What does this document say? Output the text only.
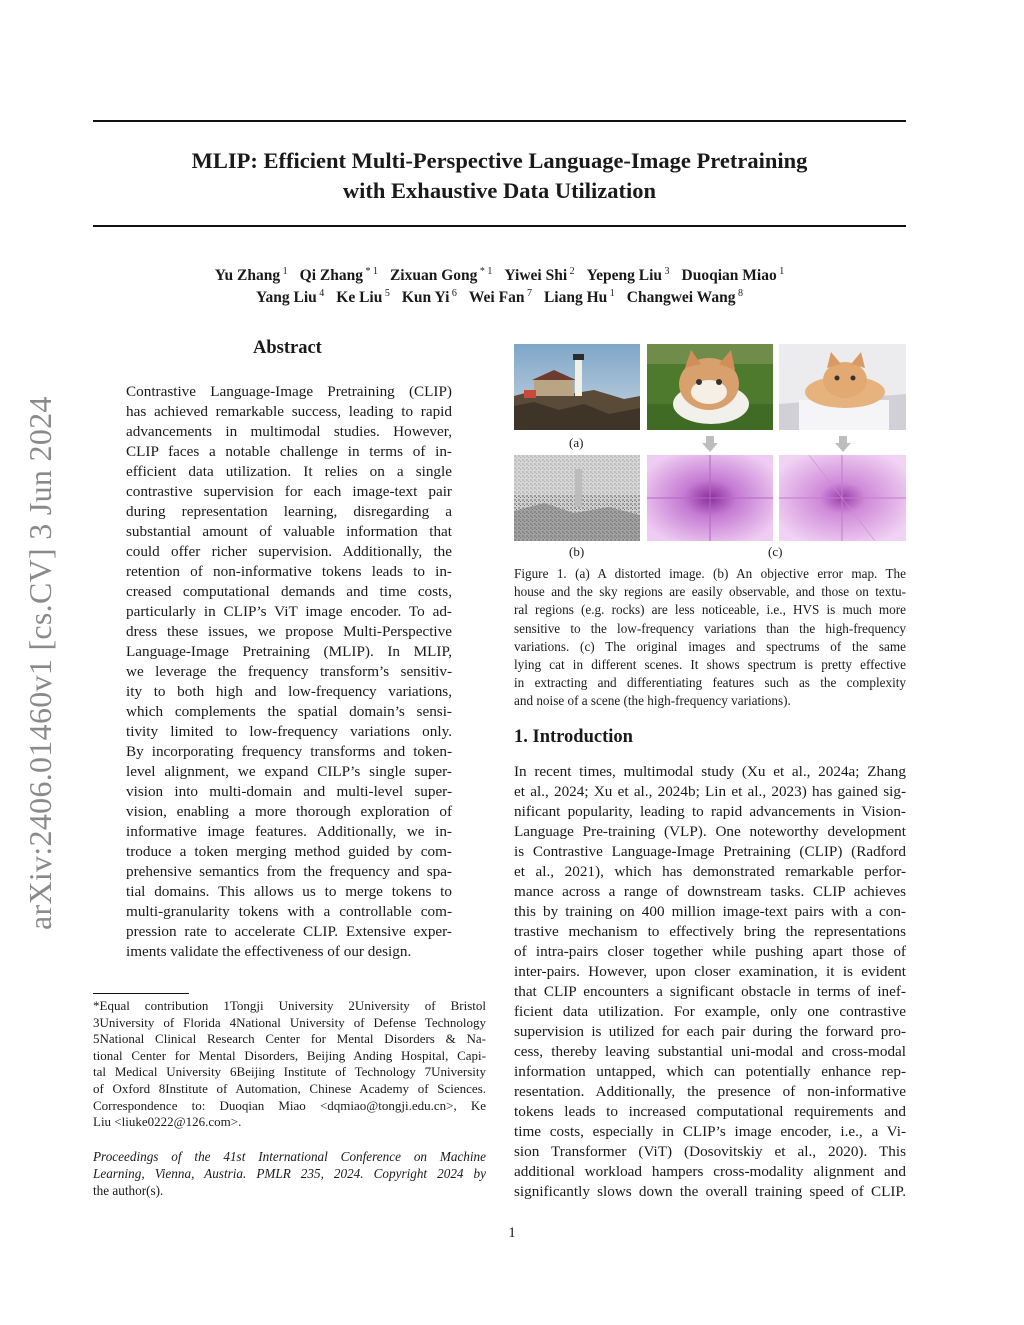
arXiv:2406.01460v1 [cs.CV] 3 Jun 2024
MLIP: Efficient Multi-Perspective Language-Image Pretraining
with Exhaustive Data Utilization
Yu Zhang $^1$ Qi Zhang $^{* 1}$ Zixuan Gong $^{* 1}$ Yiwei Shi $^2$ Yepeng Liu $^3$ Duoqian Miao $^1$
Yang Liu $^4$ Ke Liu $^5$ Kun Yi $^6$ Wei Fan $^7$ Liang Hu $^1$ Changwei Wang $^8$
Abstract
Contrastive Language-Image Pretraining (CLIP)
has achieved remarkable success, leading to rapid
advancements in multimodal studies. However,
CLIP faces a notable challenge in terms of in-
efficient data utilization. It relies on a single
contrastive supervision for each image-text pair
during representation learning, disregarding a
substantial amount of valuable information that
could offer richer supervision. Additionally, the
retention of non-informative tokens leads to in-
creased computational demands and time costs,
particularly in CLIP’s ViT image encoder. To ad-
dress these issues, we propose Multi-Perspective
Language-Image Pretraining (MLIP). In MLIP,
we leverage the frequency transform’s sensitiv-
ity to both high and low-frequency variations,
which complements the spatial domain’s sensi-
tivity limited to low-frequency variations only.
By incorporating frequency transforms and token-
level alignment, we expand CILP’s single super-
vision into multi-domain and multi-level super-
vision, enabling a more thorough exploration of
informative image features. Additionally, we in-
troduce a token merging method guided by com-
prehensive semantics from the frequency and spa-
tial domains. This allows us to merge tokens to
multi-granularity tokens with a controllable com-
pression rate to accelerate CLIP. Extensive exper-
iments validate the effectiveness of our design.
*Equal contribution 1Tongji University 2University of Bristol
3University of Florida 4National University of Defense Technology
5National Clinical Research Center for Mental Disorders & Na-
tional Center for Mental Disorders, Beijing Anding Hospital, Capi-
tal Medical University 6Beijing Institute of Technology 7University
of Oxford 8Institute of Automation, Chinese Academy of Sciences.
Correspondence to: Duoqian Miao <dqmiao@tongji.edu.cn>, Ke
Liu <liuke0222@126.com>.
Proceedings of the 41st International Conference on Machine
Learning, Vienna, Austria. PMLR 235, 2024. Copyright 2024 by
the author(s).
(a)
(b)	(c)
Figure 1. (a) A distorted image. (b) An objective error map. The
house and the sky regions are easily observable, and those on textu-
ral regions (e.g. rocks) are less noticeable, i.e., HVS is much more
sensitive to the low-frequency variations than the high-frequency
variations. (c) The original images and spectrums of the same
lying cat in different scenes. It shows spectrum is pretty effective
in extracting and differentiating features such as the complexity
and noise of a scene (the high-frequency variations).
1. Introduction
In recent times, multimodal study (Xu et al., 2024a; Zhang
et al., 2024; Xu et al., 2024b; Lin et al., 2023) has gained sig-
nificant popularity, leading to rapid advancements in Vision-
Language Pre-training (VLP). One noteworthy development
is Contrastive Language-Image Pretraining (CLIP) (Radford
et al., 2021), which has demonstrated remarkable perfor-
mance across a range of downstream tasks. CLIP achieves
this by training on 400 million image-text pairs with a con-
trastive mechanism to effectively bring the representations
of intra-pairs closer together while pushing apart those of
inter-pairs. However, upon closer examination, it is evident
that CLIP encounters a significant obstacle in terms of inef-
ficient data utilization. For example, only one contrastive
supervision is utilized for each pair during the forward pro-
cess, thereby leaving substantial uni-modal and cross-modal
information untapped, which can potentially enhance rep-
resentation. Additionally, the presence of non-informative
tokens leads to increased computational requirements and
time costs, especially in CLIP’s image encoder, i.e., a Vi-
sion Transformer (ViT) (Dosovitskiy et al., 2020). This
additional workload hampers cross-modality alignment and
significantly slows down the overall training speed of CLIP.
1
